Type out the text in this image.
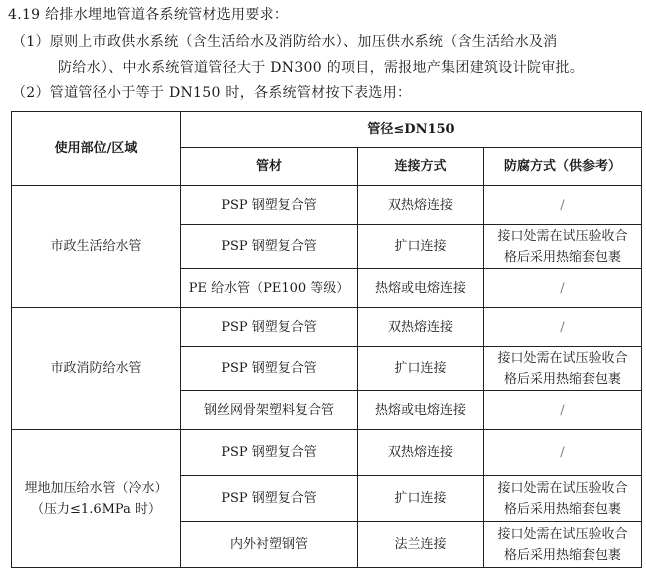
4.19 给排水埋地管道各系统管材选用要求：
（1）原则上市政供水系统（含生活给水及消防给水）、加压供水系统（含生活给水及消
防给水）、中水系统管道管径大于 DN300 的项目，需报地产集团建筑设计院审批。
（2）管道管径小于等于 DN150 时，各系统管材按下表选用：
使用部位/区域	管径≤DN150		
	管材	连接方式	防腐方式（供参考）
市政生活给水管	PSP 钢塑复合管	双热熔连接	/
	PSP 钢塑复合管	扩口连接	接口处需在试压验收合
格后采用热缩套包裹

	PE 给水管（PE100 等级）	热熔或电熔连接	/
市政消防给水管	PSP 钢塑复合管	双热熔连接	/
	PSP 钢塑复合管	扩口连接	接口处需在试压验收合
格后采用热缩套包裹

	钢丝网骨架塑料复合管	热熔或电熔连接	/

埋地加压给水管（冷水）
（压力≤1.6MPa 时）	PSP 钢塑复合管	双热熔连接	/
	PSP 钢塑复合管	扩口连接	接口处需在试压验收合
格后采用热缩套包裹

	内外衬塑钢管	法兰连接	接口处需在试压验收合
格后采用热缩套包裹
